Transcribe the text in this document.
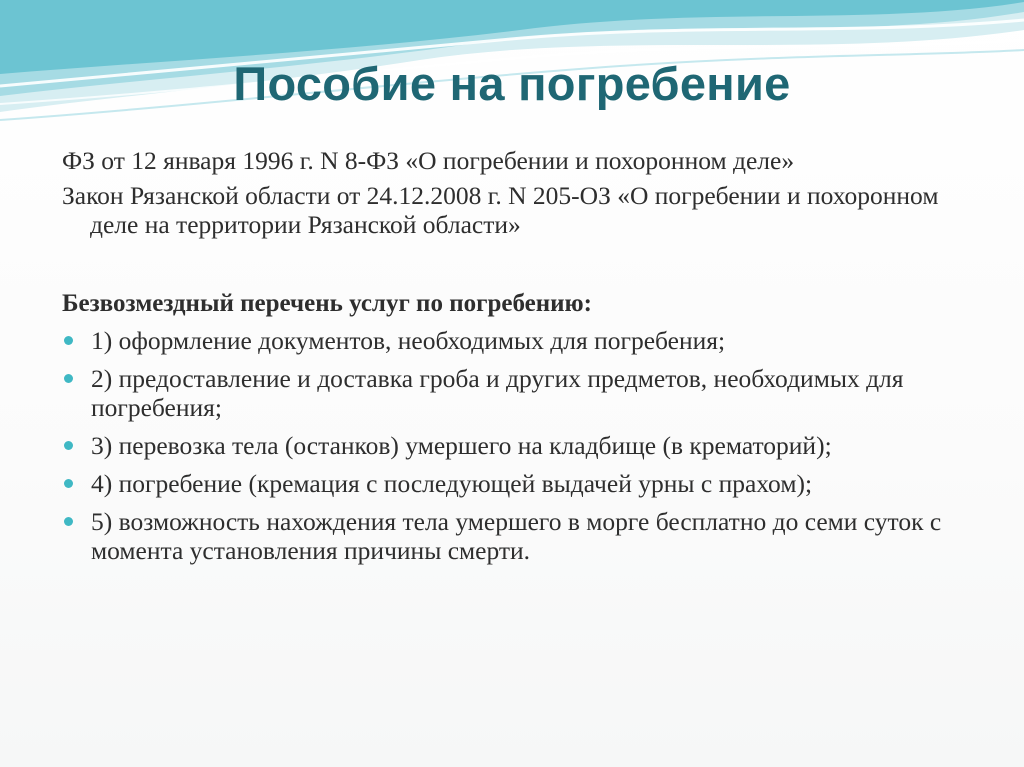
Пособие на погребение

ФЗ от 12 января 1996 г. N 8-ФЗ «О погребении и похоронном деле»

Закон Рязанской области от 24.12.2008 г. N 205-ОЗ «О погребении и похоронном деле на территории Рязанской области»

Безвозмездный перечень услуг по погребению:

1) оформление документов, необходимых для погребения;
2) предоставление и доставка гроба и других предметов, необходимых для погребения;
3) перевозка тела (останков) умершего на кладбище (в крематорий);
4) погребение (кремация с последующей выдачей урны с прахом);
5) возможность нахождения тела умершего в морге бесплатно до семи суток с момента установления причины смерти.
